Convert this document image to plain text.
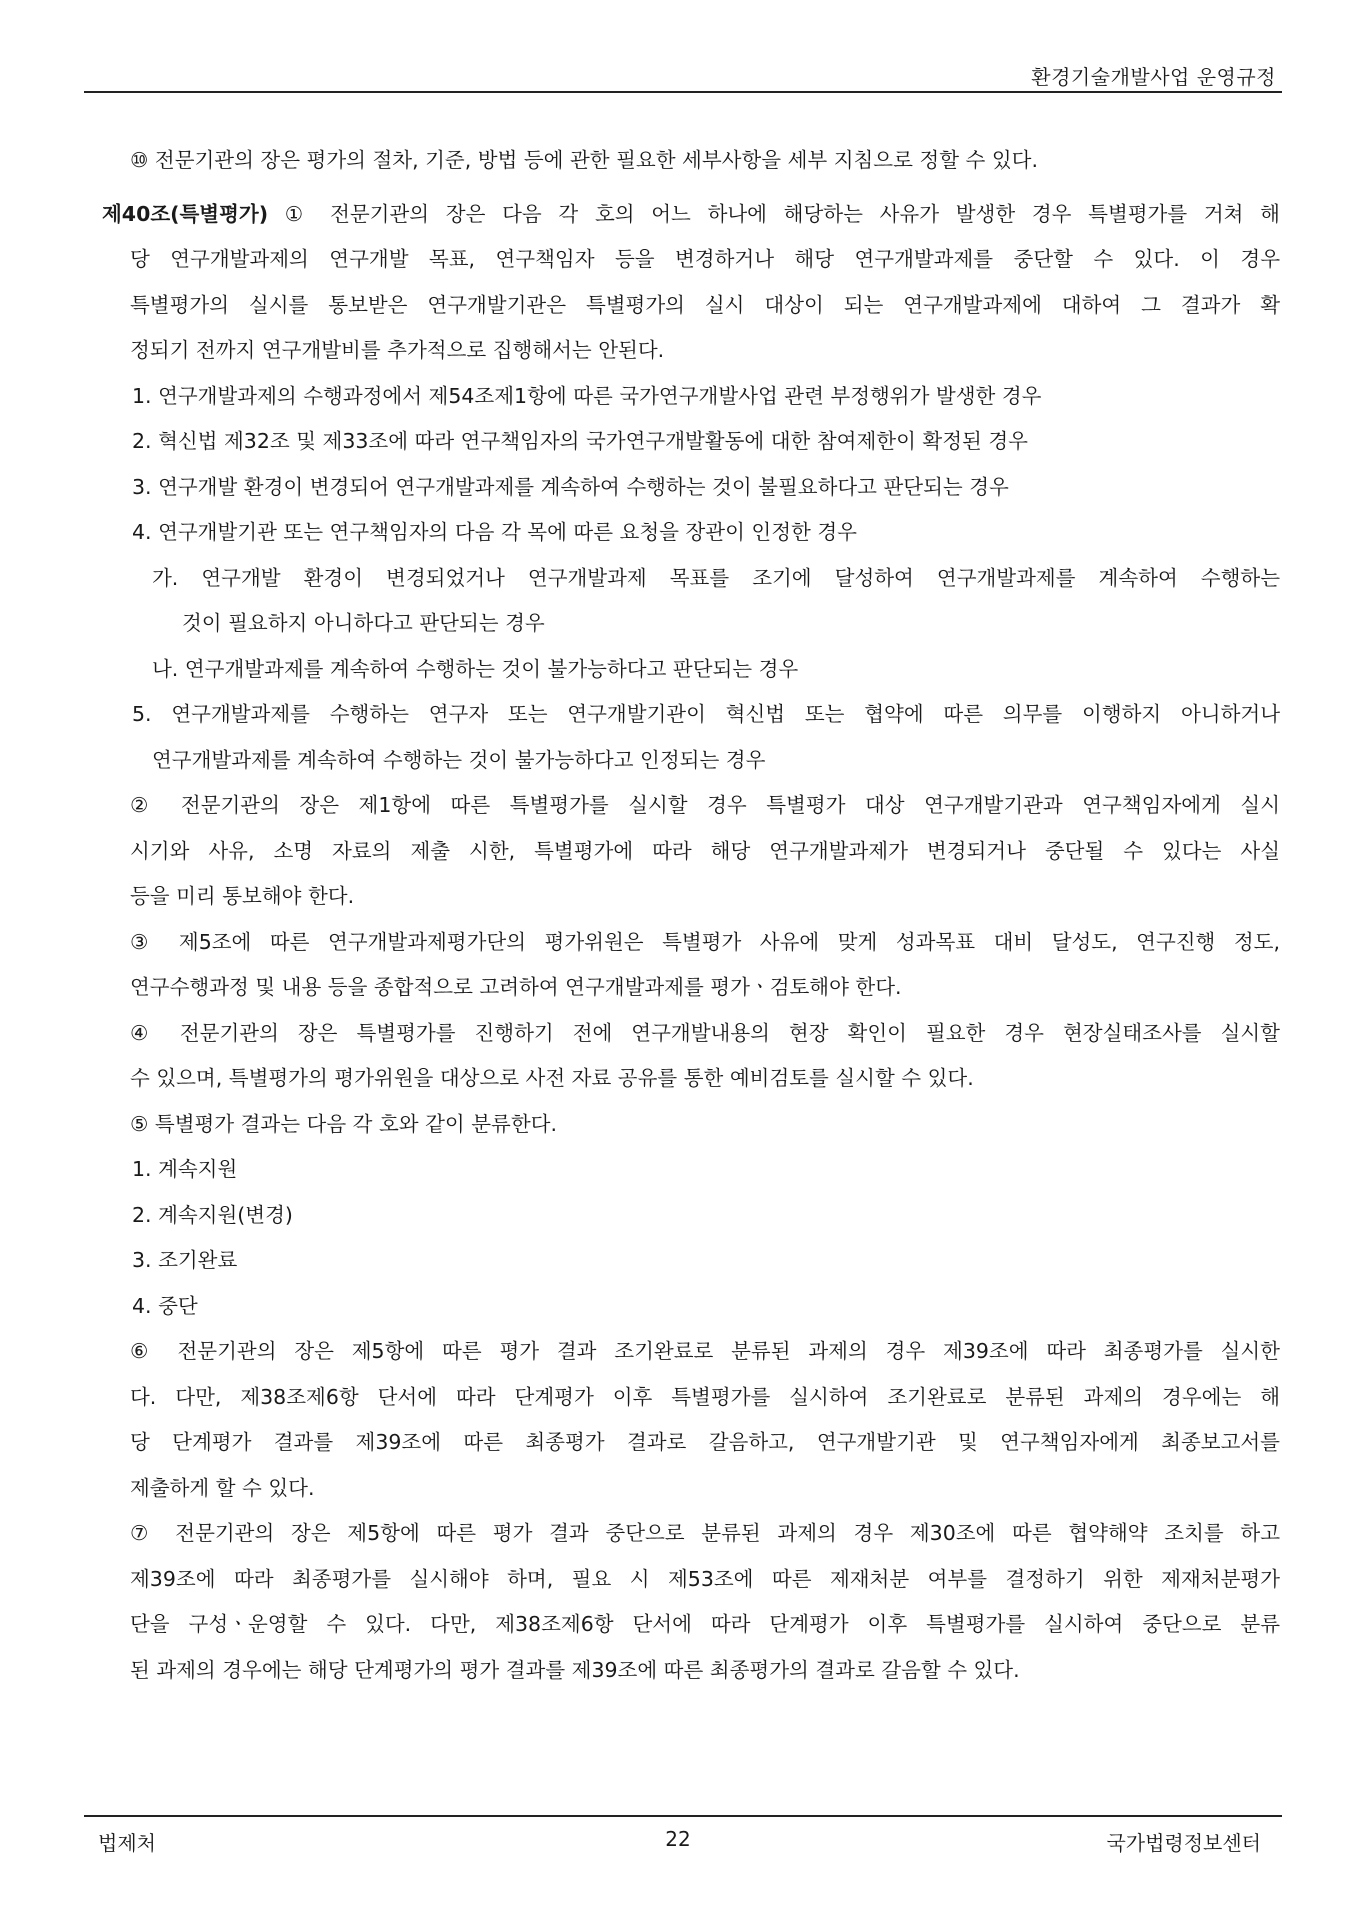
환경기술개발사업 운영규정
⑩ 전문기관의 장은 평가의 절차, 기준, 방법 등에 관한 필요한 세부사항을 세부 지침으로 정할 수 있다.
제40조(특별평가) ① 전문기관의 장은 다음 각 호의 어느 하나에 해당하는 사유가 발생한 경우 특별평가를 거쳐 해
당 연구개발과제의 연구개발 목표, 연구책임자 등을 변경하거나 해당 연구개발과제를 중단할 수 있다. 이 경우
특별평가의 실시를 통보받은 연구개발기관은 특별평가의 실시 대상이 되는 연구개발과제에 대하여 그 결과가 확
정되기 전까지 연구개발비를 추가적으로 집행해서는 안된다.
1. 연구개발과제의 수행과정에서 제54조제1항에 따른 국가연구개발사업 관련 부정행위가 발생한 경우
2. 혁신법 제32조 및 제33조에 따라 연구책임자의 국가연구개발활동에 대한 참여제한이 확정된 경우
3. 연구개발 환경이 변경되어 연구개발과제를 계속하여 수행하는 것이 불필요하다고 판단되는 경우
4. 연구개발기관 또는 연구책임자의 다음 각 목에 따른 요청을 장관이 인정한 경우
가. 연구개발 환경이 변경되었거나 연구개발과제 목표를 조기에 달성하여 연구개발과제를 계속하여 수행하는
것이 필요하지 아니하다고 판단되는 경우
나. 연구개발과제를 계속하여 수행하는 것이 불가능하다고 판단되는 경우
5. 연구개발과제를 수행하는 연구자 또는 연구개발기관이 혁신법 또는 협약에 따른 의무를 이행하지 아니하거나
연구개발과제를 계속하여 수행하는 것이 불가능하다고 인정되는 경우
② 전문기관의 장은 제1항에 따른 특별평가를 실시할 경우 특별평가 대상 연구개발기관과 연구책임자에게 실시
시기와 사유, 소명 자료의 제출 시한, 특별평가에 따라 해당 연구개발과제가 변경되거나 중단될 수 있다는 사실
등을 미리 통보해야 한다.
③ 제5조에 따른 연구개발과제평가단의 평가위원은 특별평가 사유에 맞게 성과목표 대비 달성도, 연구진행 정도,
연구수행과정 및 내용 등을 종합적으로 고려하여 연구개발과제를 평가ㆍ검토해야 한다.
④ 전문기관의 장은 특별평가를 진행하기 전에 연구개발내용의 현장 확인이 필요한 경우 현장실태조사를 실시할
수 있으며, 특별평가의 평가위원을 대상으로 사전 자료 공유를 통한 예비검토를 실시할 수 있다.
⑤ 특별평가 결과는 다음 각 호와 같이 분류한다.
1. 계속지원
2. 계속지원(변경)
3. 조기완료
4. 중단
⑥ 전문기관의 장은 제5항에 따른 평가 결과 조기완료로 분류된 과제의 경우 제39조에 따라 최종평가를 실시한
다. 다만, 제38조제6항 단서에 따라 단계평가 이후 특별평가를 실시하여 조기완료로 분류된 과제의 경우에는 해
당 단계평가 결과를 제39조에 따른 최종평가 결과로 갈음하고, 연구개발기관 및 연구책임자에게 최종보고서를
제출하게 할 수 있다.
⑦ 전문기관의 장은 제5항에 따른 평가 결과 중단으로 분류된 과제의 경우 제30조에 따른 협약해약 조치를 하고
제39조에 따라 최종평가를 실시해야 하며, 필요 시 제53조에 따른 제재처분 여부를 결정하기 위한 제재처분평가
단을 구성ㆍ운영할 수 있다. 다만, 제38조제6항 단서에 따라 단계평가 이후 특별평가를 실시하여 중단으로 분류
된 과제의 경우에는 해당 단계평가의 평가 결과를 제39조에 따른 최종평가의 결과로 갈음할 수 있다.
법제처	22	국가법령정보센터
